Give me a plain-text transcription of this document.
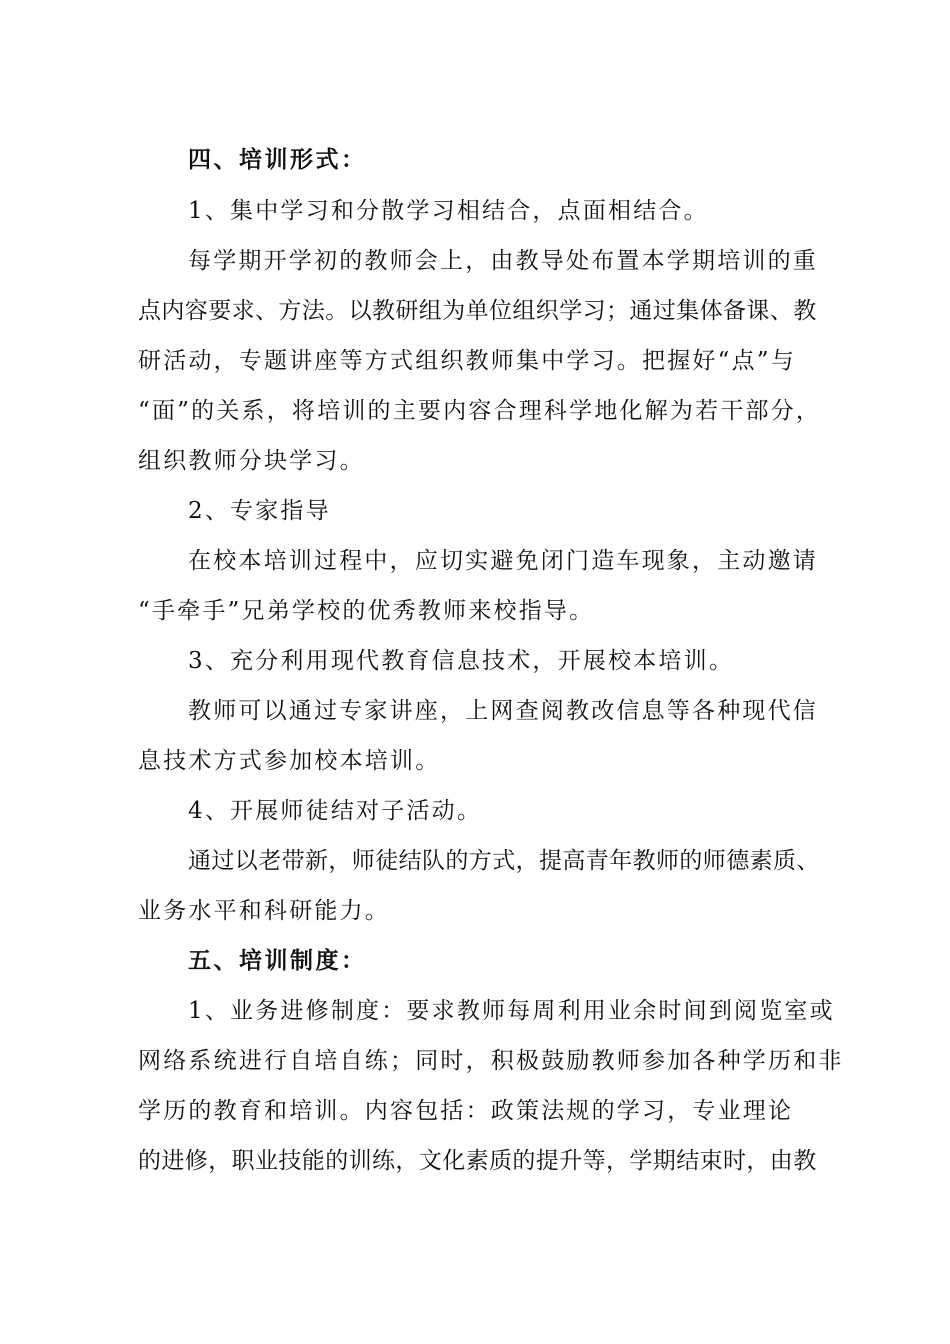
四、培训形式：
1、集中学习和分散学习相结合，点面相结合。
每学期开学初的教师会上，由教导处布置本学期培训的重
点内容要求、方法。以教研组为单位组织学习；通过集体备课、教
研活动，专题讲座等方式组织教师集中学习。把握好“点”与
“面”的关系，将培训的主要内容合理科学地化解为若干部分，
组织教师分块学习。
2、专家指导
在校本培训过程中，应切实避免闭门造车现象，主动邀请
“手牵手”兄弟学校的优秀教师来校指导。
3、充分利用现代教育信息技术，开展校本培训。
教师可以通过专家讲座，上网查阅教改信息等各种现代信
息技术方式参加校本培训。
4、开展师徒结对子活动。
通过以老带新，师徒结队的方式，提高青年教师的师德素质、
业务水平和科研能力。
五、培训制度：
1、业务进修制度：要求教师每周利用业余时间到阅览室或
网络系统进行自培自练；同时，积极鼓励教师参加各种学历和非
学历的教育和培训。内容包括：政策法规的学习，专业理论
的进修，职业技能的训练，文化素质的提升等，学期结束时，由教
